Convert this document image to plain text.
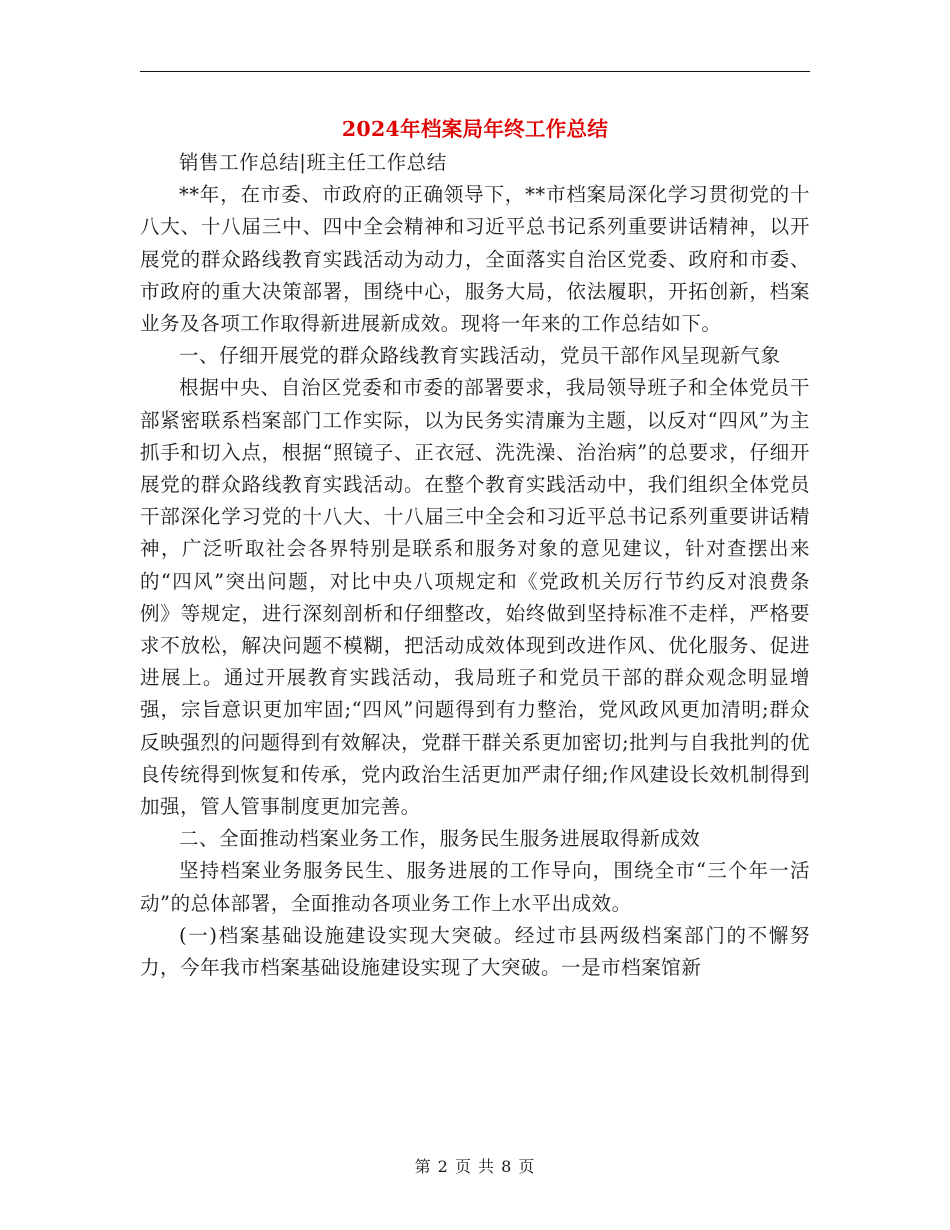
2024年档案局年终工作总结

销售工作总结|班主任工作总结

**年，在市委、市政府的正确领导下，**市档案局深化学习贯彻党的十八大、十八届三中、四中全会精神和习近平总书记系列重要讲话精神，以开展党的群众路线教育实践活动为动力，全面落实自治区党委、政府和市委、市政府的重大决策部署，围绕中心，服务大局，依法履职，开拓创新，档案业务及各项工作取得新进展新成效。现将一年来的工作总结如下。

一、仔细开展党的群众路线教育实践活动，党员干部作风呈现新气象

根据中央、自治区党委和市委的部署要求，我局领导班子和全体党员干部紧密联系档案部门工作实际，以为民务实清廉为主题，以反对“四风”为主抓手和切入点，根据“照镜子、正衣冠、洗洗澡、治治病”的总要求，仔细开展党的群众路线教育实践活动。在整个教育实践活动中，我们组织全体党员干部深化学习党的十八大、十八届三中全会和习近平总书记系列重要讲话精神，广泛听取社会各界特别是联系和服务对象的意见建议，针对查摆出来的“四风”突出问题，对比中央八项规定和《党政机关厉行节约反对浪费条例》等规定，进行深刻剖析和仔细整改，始终做到坚持标准不走样，严格要求不放松，解决问题不模糊，把活动成效体现到改进作风、优化服务、促进进展上。通过开展教育实践活动，我局班子和党员干部的群众观念明显增强，宗旨意识更加牢固;“四风”问题得到有力整治，党风政风更加清明;群众反映强烈的问题得到有效解决，党群干群关系更加密切;批判与自我批判的优良传统得到恢复和传承，党内政治生活更加严肃仔细;作风建设长效机制得到加强，管人管事制度更加完善。

二、全面推动档案业务工作，服务民生服务进展取得新成效

坚持档案业务服务民生、服务进展的工作导向，围绕全市“三个年一活动”的总体部署，全面推动各项业务工作上水平出成效。

(一)档案基础设施建设实现大突破。经过市县两级档案部门的不懈努力，今年我市档案基础设施建设实现了大突破。一是市档案馆新

第 2 页 共 8 页
